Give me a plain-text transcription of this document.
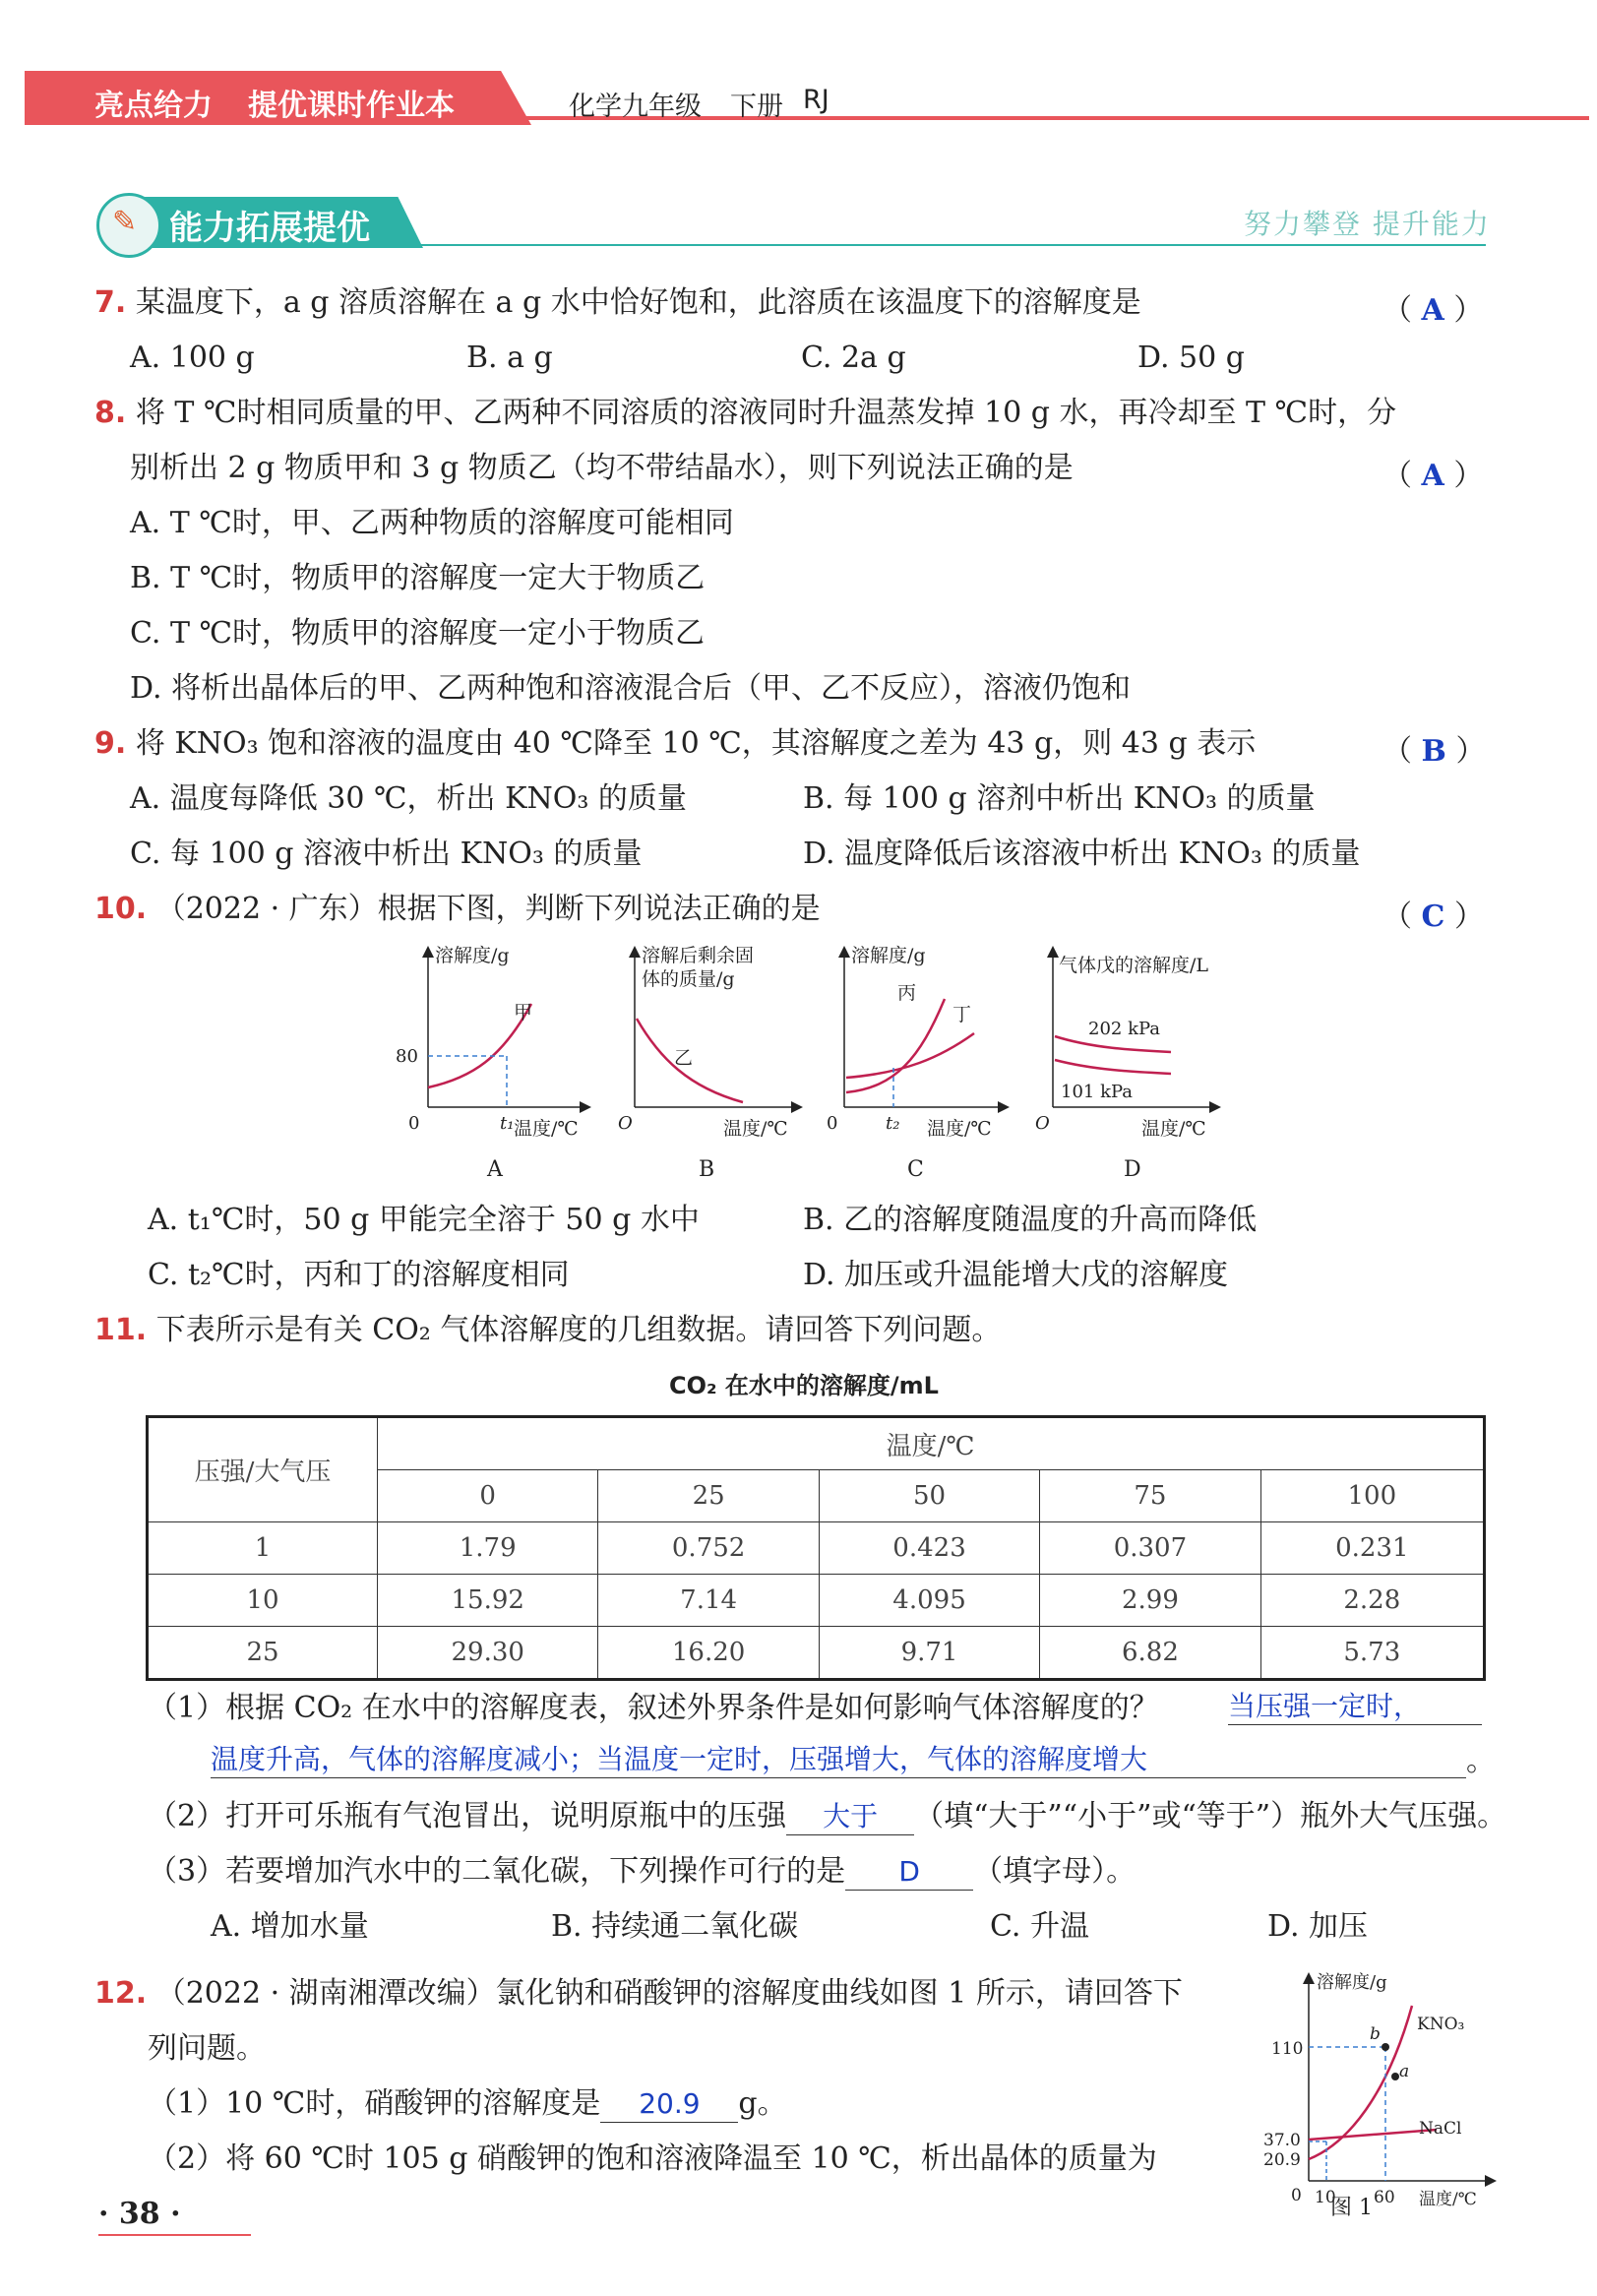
亮点给力 提优课时作业本	化学九年级 下册 RJ
✎ 能力拓展提优	努力攀登 提升能力
7. 某温度下，a g 溶质溶解在 a g 水中恰好饱和，此溶质在该温度下的溶解度是	（ A ）
A. 100 g	B. a g	C. 2a g	D. 50 g
8. 将 T ℃时相同质量的甲、乙两种不同溶质的溶液同时升温蒸发掉 10 g 水，再冷却至 T ℃时，分
别析出 2 g 物质甲和 3 g 物质乙（均不带结晶水），则下列说法正确的是	（ A ）
A. T ℃时，甲、乙两种物质的溶解度可能相同
B. T ℃时，物质甲的溶解度一定大于物质乙
C. T ℃时，物质甲的溶解度一定小于物质乙
D. 将析出晶体后的甲、乙两种饱和溶液混合后（甲、乙不反应），溶液仍饱和
9. 将 KNO₃ 饱和溶液的温度由 40 ℃降至 10 ℃，其溶解度之差为 43 g，则 43 g 表示	（ B ）
A. 温度每降低 30 ℃，析出 KNO₃ 的质量	B. 每 100 g 溶剂中析出 KNO₃ 的质量
C. 每 100 g 溶液中析出 KNO₃ 的质量	D. 温度降低后该溶液中析出 KNO₃ 的质量
10. （2022 · 广东）根据下图，判断下列说法正确的是	（ C ）
溶解度/g
甲
80
t₁
0	温度/℃
A
溶解后剩余固
体的质量/g
乙
O	温度/℃
B
溶解度/g
丙
丁
t₂
0	温度/℃
C
气体戊的溶解度/L
202 kPa
101 kPa
O	温度/℃
D
A. t₁℃时，50 g 甲能完全溶于 50 g 水中	B. 乙的溶解度随温度的升高而降低
C. t₂℃时，丙和丁的溶解度相同	D. 加压或升温能增大戊的溶解度
11. 下表所示是有关 CO₂ 气体溶解度的几组数据。请回答下列问题。
CO₂ 在水中的溶解度/mL
压强/大气压	温度/℃				
	0	25	50	75	100
1	1.79	0.752	0.423	0.307	0.231
10	15.92	7.14	4.095	2.99	2.28
25	29.30	16.20	9.71	6.82	5.73
（1）根据 CO₂ 在水中的溶解度表，叙述外界条件是如何影响气体溶解度的？	当压强一定时，
温度升高，气体的溶解度减小；当温度一定时，压强增大，气体的溶解度增大	。
（2）打开可乐瓶有气泡冒出，说明原瓶中的压强 大于 （填“大于”“小于”或“等于”）瓶外大气压强。
（3）若要增加汽水中的二氧化碳，下列操作可行的是 D （填字母）。
A. 增加水量	B. 持续通二氧化碳	C. 升温	D. 加压
12. （2022 · 湖南湘潭改编）氯化钠和硝酸钾的溶解度曲线如图 1 所示，请回答下
列问题。
（1）10 ℃时，硝酸钾的溶解度是 20.9 g。
（2）将 60 ℃时 105 g 硝酸钾的饱和溶液降温至 10 ℃，析出晶体的质量为
溶解度/g
KNO₃
NaCl
b
a
110
37.0
20.9
0 10 60 温度/℃
图 1
· 38 ·
